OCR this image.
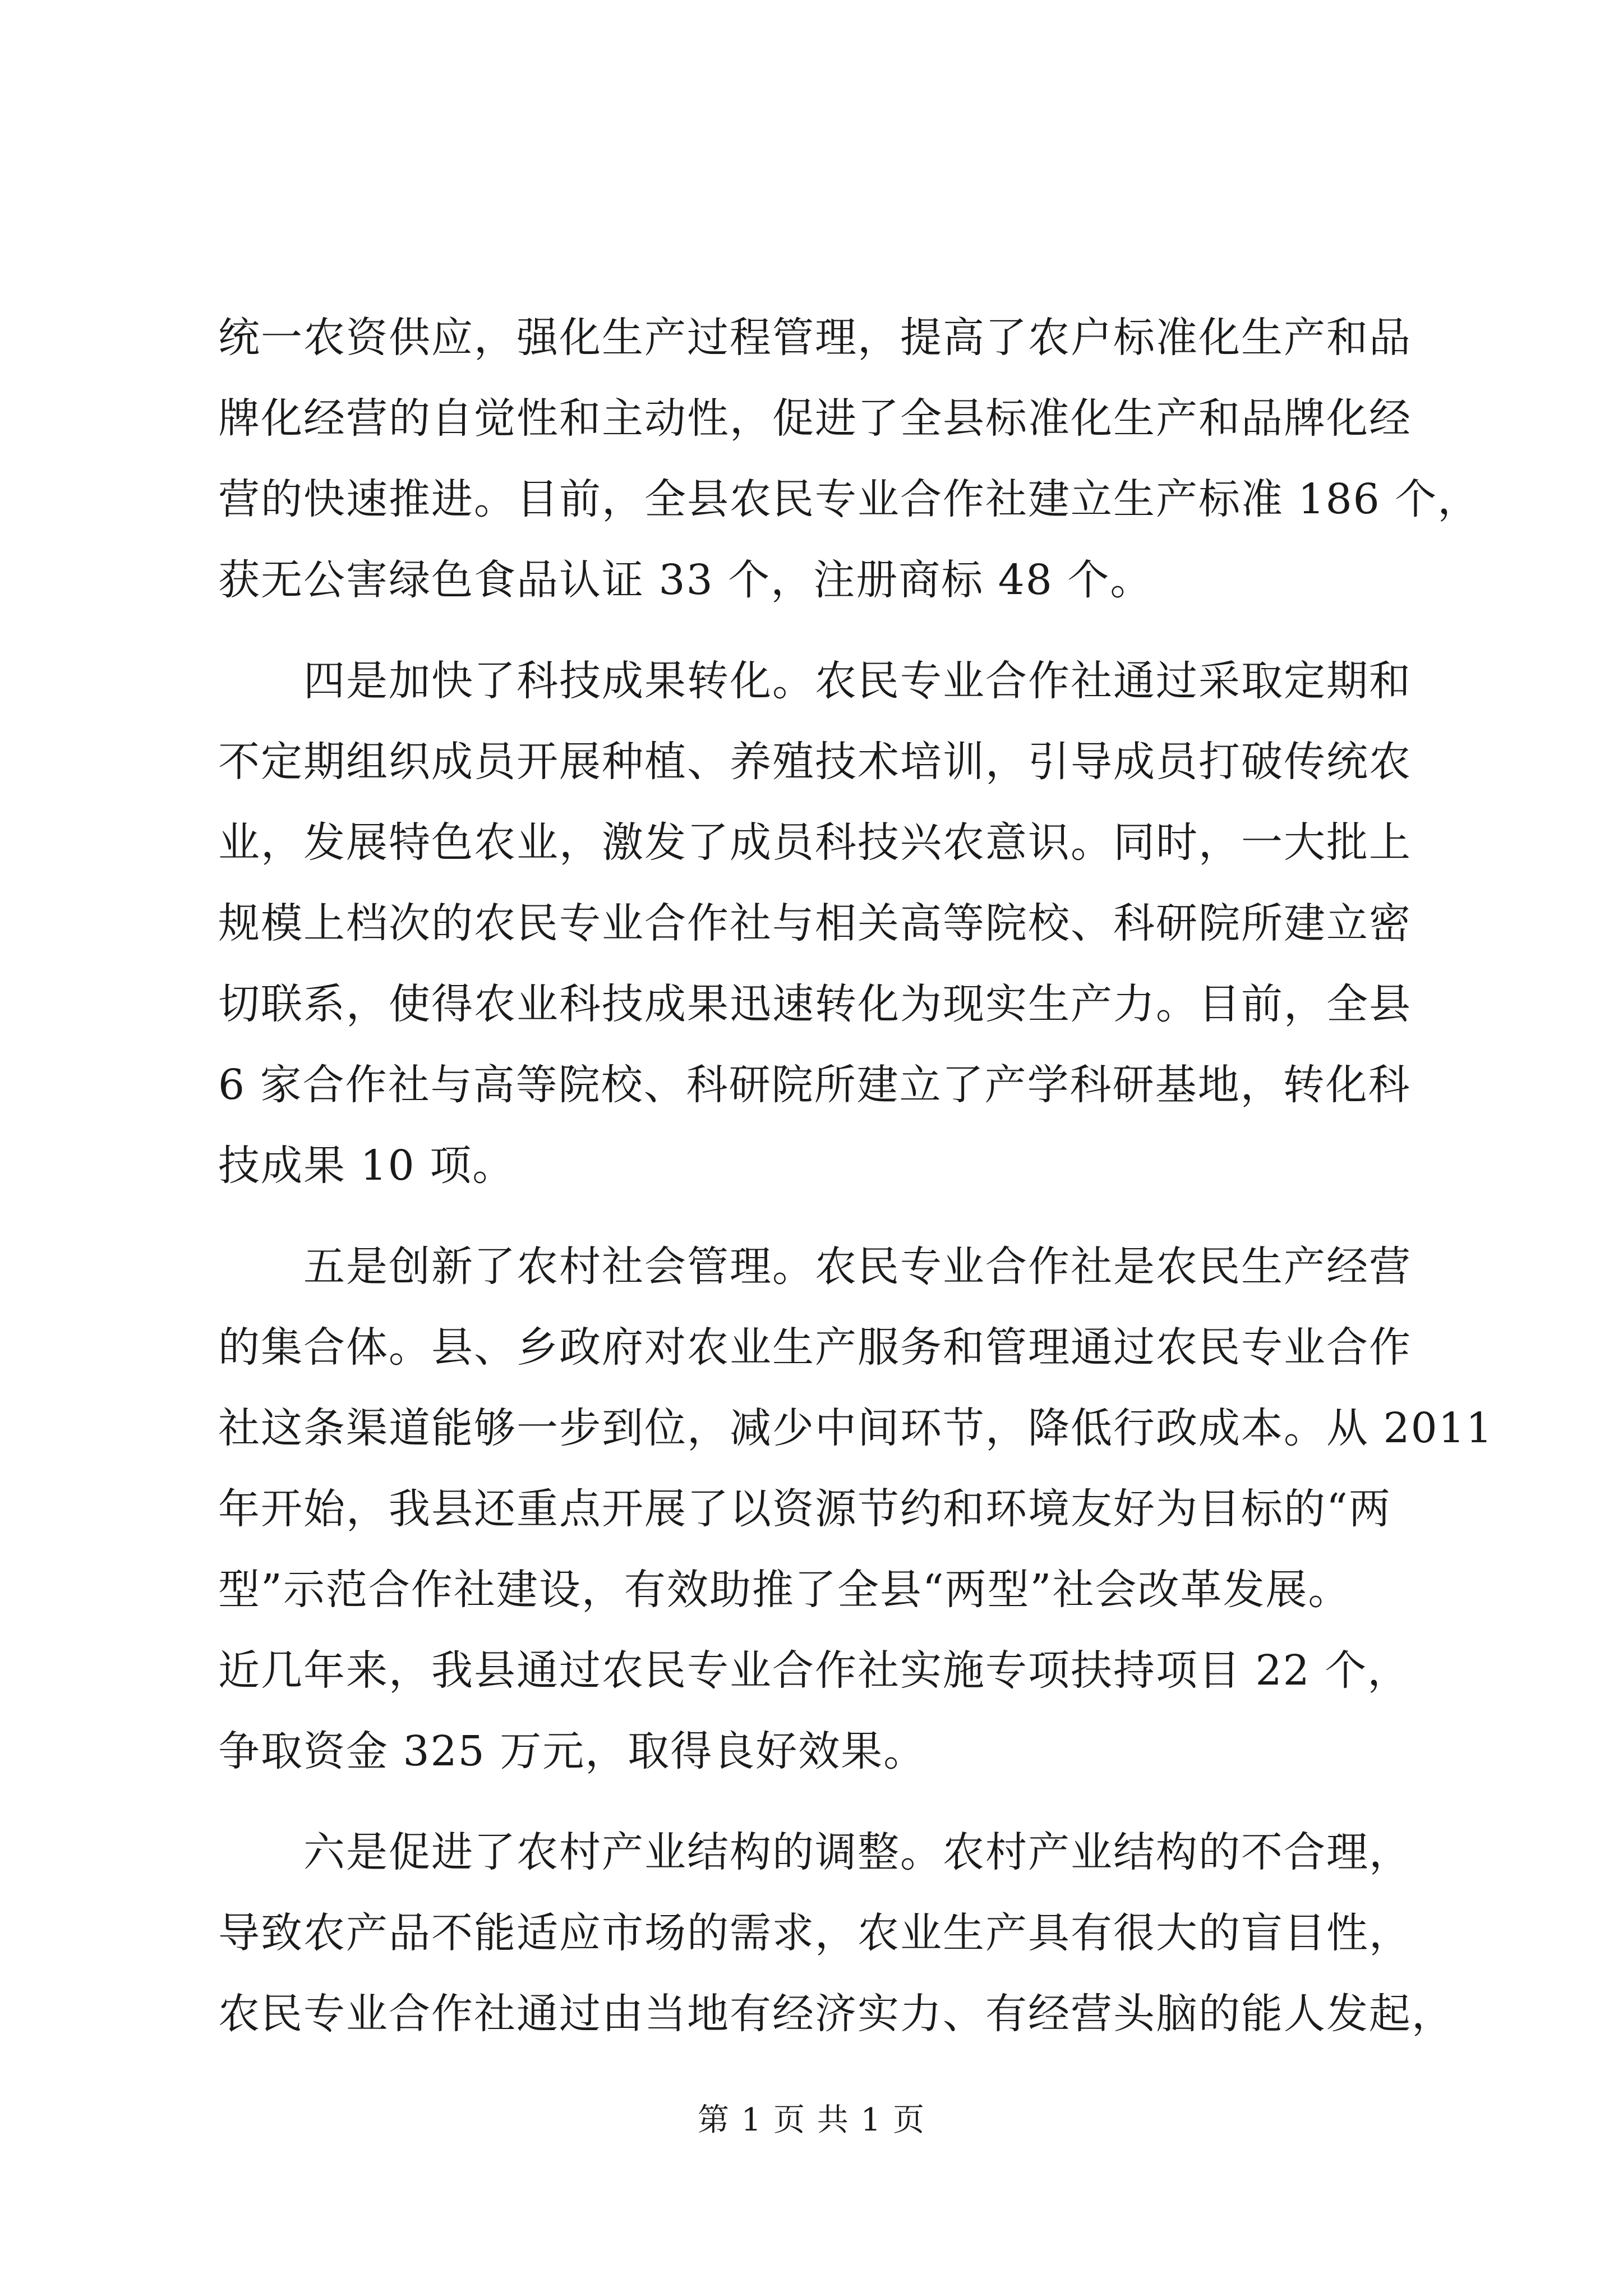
统一农资供应，强化生产过程管理，提高了农户标准化生产和品
牌化经营的自觉性和主动性，促进了全县标准化生产和品牌化经
营的快速推进。目前，全县农民专业合作社建立生产标准 186 个，
获无公害绿色食品认证 33 个，注册商标 48 个。
四是加快了科技成果转化。农民专业合作社通过采取定期和
不定期组织成员开展种植、养殖技术培训，引导成员打破传统农
业，发展特色农业，激发了成员科技兴农意识。同时，一大批上
规模上档次的农民专业合作社与相关高等院校、科研院所建立密
切联系，使得农业科技成果迅速转化为现实生产力。目前，全县
6 家合作社与高等院校、科研院所建立了产学科研基地，转化科
技成果 10 项。
五是创新了农村社会管理。农民专业合作社是农民生产经营
的集合体。县、乡政府对农业生产服务和管理通过农民专业合作
社这条渠道能够一步到位，减少中间环节，降低行政成本。从 2011
年开始，我县还重点开展了以资源节约和环境友好为目标的“两
型”示范合作社建设，有效助推了全县“两型”社会改革发展。
近几年来，我县通过农民专业合作社实施专项扶持项目 22 个，
争取资金 325 万元，取得良好效果。
六是促进了农村产业结构的调整。农村产业结构的不合理，
导致农产品不能适应市场的需求，农业生产具有很大的盲目性，
农民专业合作社通过由当地有经济实力、有经营头脑的能人发起，
第 1 页 共 1 页
